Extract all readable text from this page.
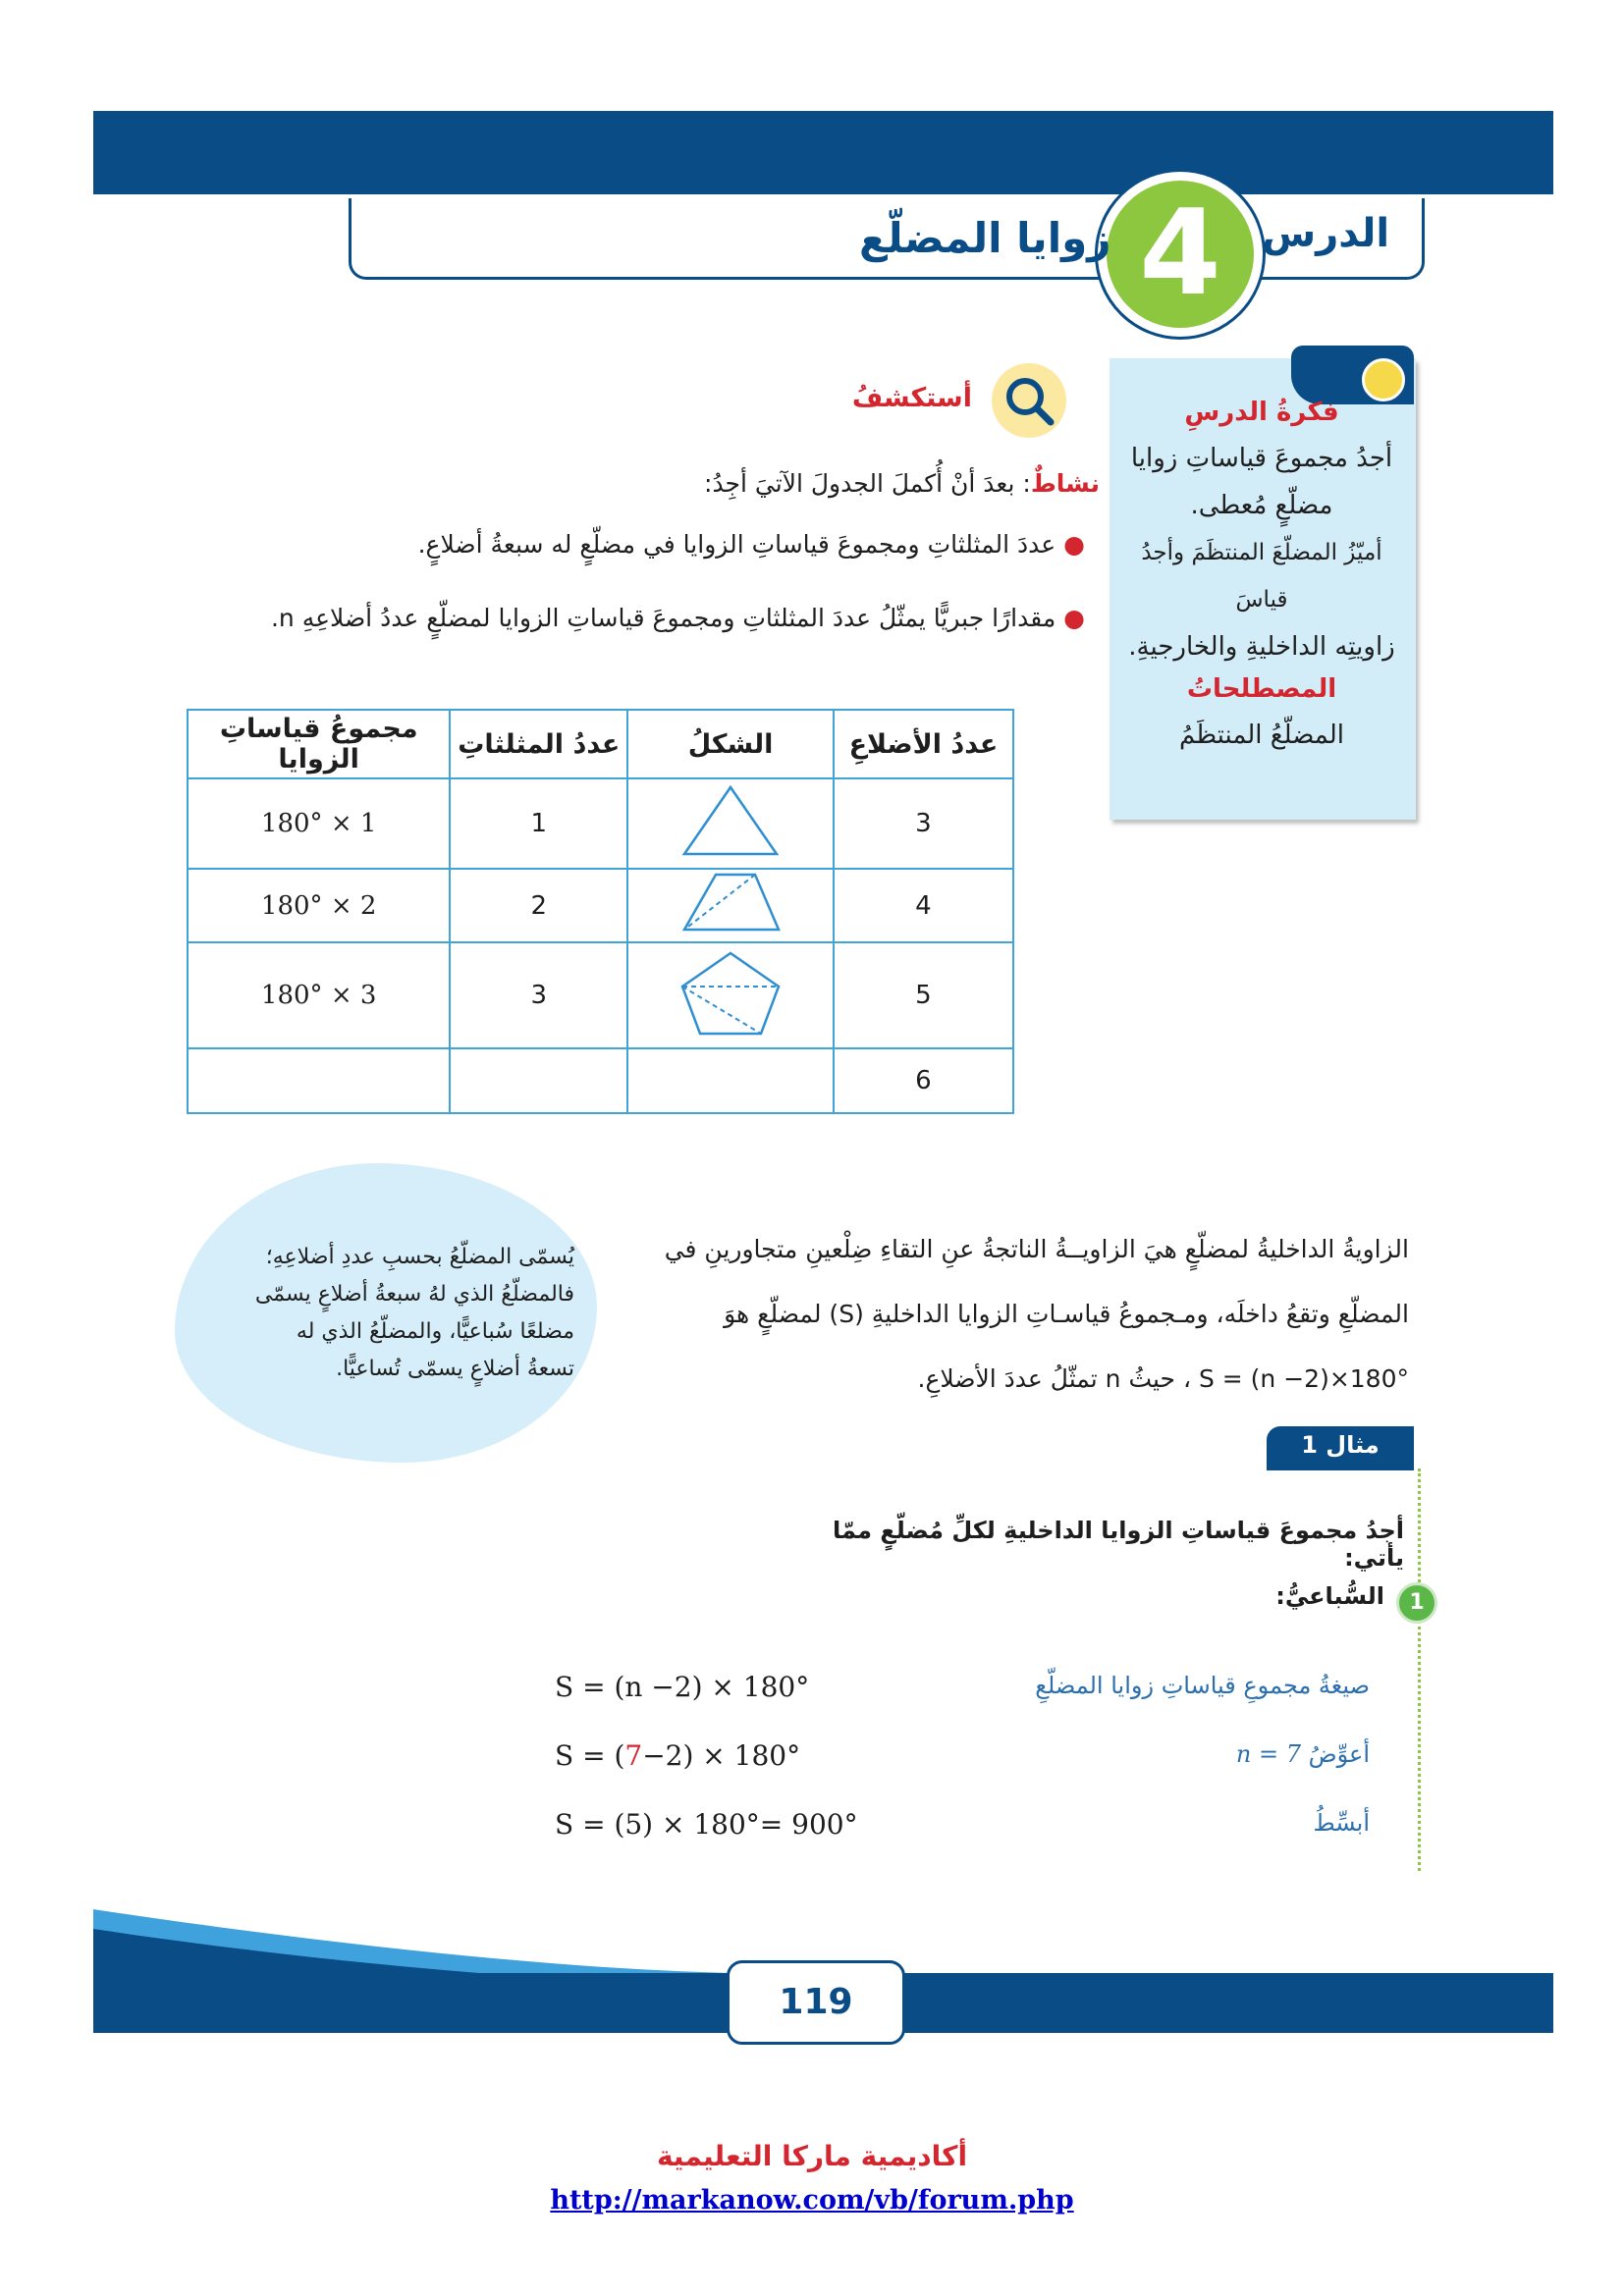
الدرس
4
زوايا المضلّع
فكرةُ الدرسِ
أجدُ مجموعَ قياساتِ زوايا
مضلّعٍ مُعطى.
أميّزُ المضلّعَ المنتظَمَ وأجدُ قياسَ
زاويتِه الداخليةِ والخارجيةِ.
المصطلحاتُ
المضلّعُ المنتظَمُ
أستكشفُ
نشاطٌ: بعدَ أنْ أُكملَ الجدولَ الآتيَ أجِدُ:
● عددَ المثلثاتِ ومجموعَ قياساتِ الزوايا في مضلّعٍ له سبعةُ أضلاعٍ.
● مقدارًا جبريًّا يمثّلُ عددَ المثلثاتِ ومجموعَ قياساتِ الزوايا لمضلّعٍ عددُ أضلاعِهِ n.
عددُ الأضلاعِ	الشكلُ	عددُ المثلثاتِ	مجموعُ قياساتِ الزوايا
3		1	1 × 180°
4		2	2 × 180°
5		3	3 × 180°
6			
يُسمّى المضلّعُ بحسبِ عددِ أضلاعِهِ؛
فالمضلّعُ الذي لهُ سبعةُ أضلاعٍ يسمّى
مضلعًا سُباعيًّا، والمضلّعُ الذي له
تسعةُ أضلاعٍ يسمّى تُساعيًّا.
الزاويةُ الداخليةُ لمضلّعٍ هيَ الزاويــةُ الناتجةُ عنِ التقاءِ ضِلْعينِ متجاورينِ في
المضلّعِ وتقعُ داخلَه، ومـجموعُ قياسـاتِ الزوايا الداخليةِ (S) لمضلّعٍ هوَ
S = (n −2)×180° ، حيثُ n تمثّلُ عددَ الأضلاعِ.
مثال 1
أجدُ مجموعَ قياساتِ الزوايا الداخليةِ لكلِّ مُضلّعٍ ممّا يأتي:
1
السُّباعيُّ:
S = (n −2) × 180°	صيغةُ مجموعِ قياساتِ زوايا المضلّعِ
S = (7−2) × 180°	أعوِّضُ n = 7
S = (5) × 180°= 900°	أبسِّطُ
119
أكاديمية ماركا التعليمية
http://markanow.com/vb/forum.php
